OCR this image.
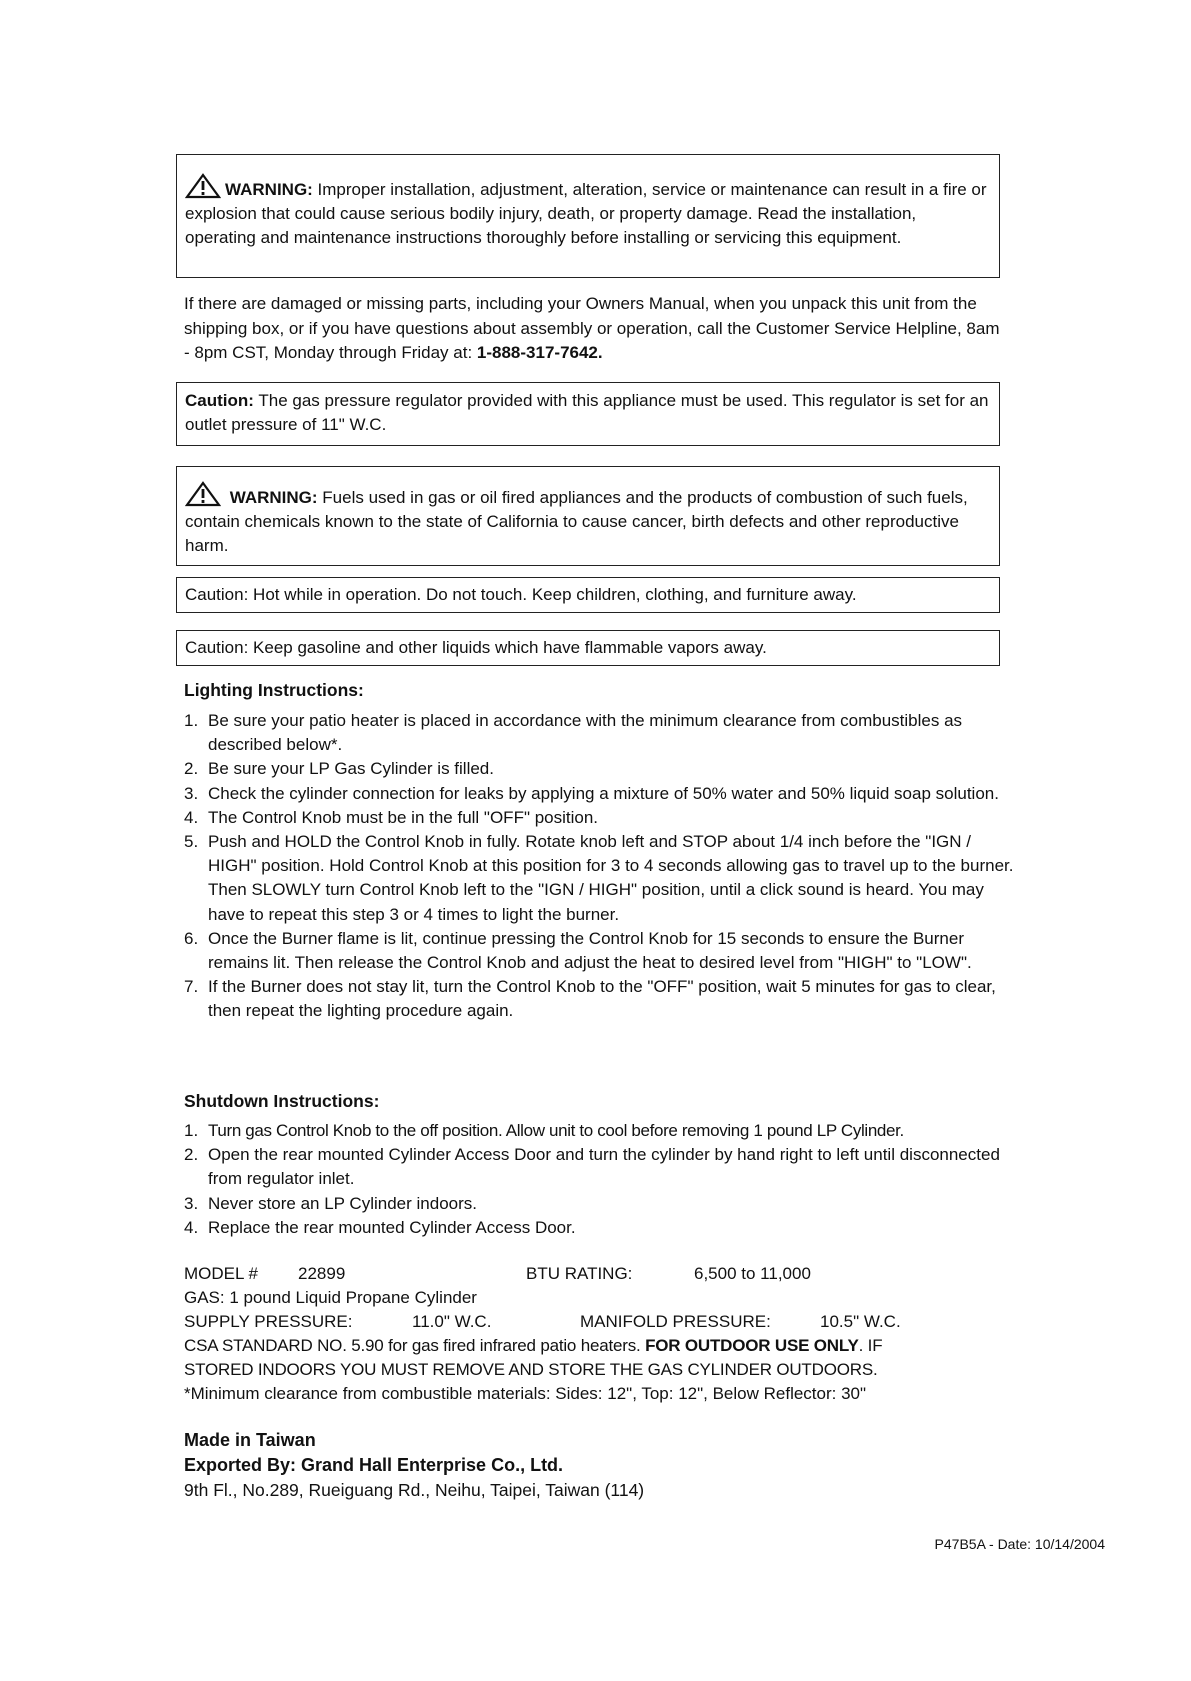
WARNING: Improper installation, adjustment, alteration, service or maintenance can result in a fire or explosion that could cause serious bodily injury, death, or property damage. Read the installation, operating and maintenance instructions thoroughly before installing or servicing this equipment.
If there are damaged or missing parts, including your Owners Manual, when you unpack this unit from the shipping box, or if you have questions about assembly or operation, call the Customer Service Helpline, 8am - 8pm CST, Monday through Friday at: 1-888-317-7642.
Caution: The gas pressure regulator provided with this appliance must be used. This regulator is set for an outlet pressure of 11" W.C.
WARNING: Fuels used in gas or oil fired appliances and the products of combustion of such fuels, contain chemicals known to the state of California to cause cancer, birth defects and other reproductive harm.
Caution: Hot while in operation. Do not touch. Keep children, clothing, and furniture away.
Caution: Keep gasoline and other liquids which have flammable vapors away.
Lighting Instructions:
1. Be sure your patio heater is placed in accordance with the minimum clearance from combustibles as described below*.
2. Be sure your LP Gas Cylinder is filled.
3. Check the cylinder connection for leaks by applying a mixture of 50% water and 50% liquid soap solution.
4. The Control Knob must be in the full "OFF" position.
5. Push and HOLD the Control Knob in fully. Rotate knob left and STOP about 1/4 inch before the "IGN / HIGH" position. Hold Control Knob at this position for 3 to 4 seconds allowing gas to travel up to the burner. Then SLOWLY turn Control Knob left to the "IGN / HIGH" position, until a click sound is heard. You may have to repeat this step 3 or 4 times to light the burner.
6. Once the Burner flame is lit, continue pressing the Control Knob for 15 seconds to ensure the Burner remains lit. Then release the Control Knob and adjust the heat to desired level from "HIGH" to "LOW".
7. If the Burner does not stay lit, turn the Control Knob to the "OFF" position, wait 5 minutes for gas to clear, then repeat the lighting procedure again.
Shutdown Instructions:
1. Turn gas Control Knob to the off position. Allow unit to cool before removing 1 pound LP Cylinder.
2. Open the rear mounted Cylinder Access Door and turn the cylinder by hand right to left until disconnected from regulator inlet.
3. Never store an LP Cylinder indoors.
4. Replace the rear mounted Cylinder Access Door.
MODEL # 22899	BTU RATING:	6,500 to 11,000
GAS: 1 pound Liquid Propane Cylinder
SUPPLY PRESSURE:	11.0" W.C.	MANIFOLD PRESSURE:	10.5" W.C.
CSA STANDARD NO. 5.90 for gas fired infrared patio heaters. FOR OUTDOOR USE ONLY. IF
STORED INDOORS YOU MUST REMOVE AND STORE THE GAS CYLINDER OUTDOORS.
*Minimum clearance from combustible materials: Sides: 12", Top: 12", Below Reflector: 30"
Made in Taiwan
Exported By: Grand Hall Enterprise Co., Ltd.
9th Fl., No.289, Rueiguang Rd., Neihu, Taipei, Taiwan (114)
P47B5A - Date: 10/14/2004
